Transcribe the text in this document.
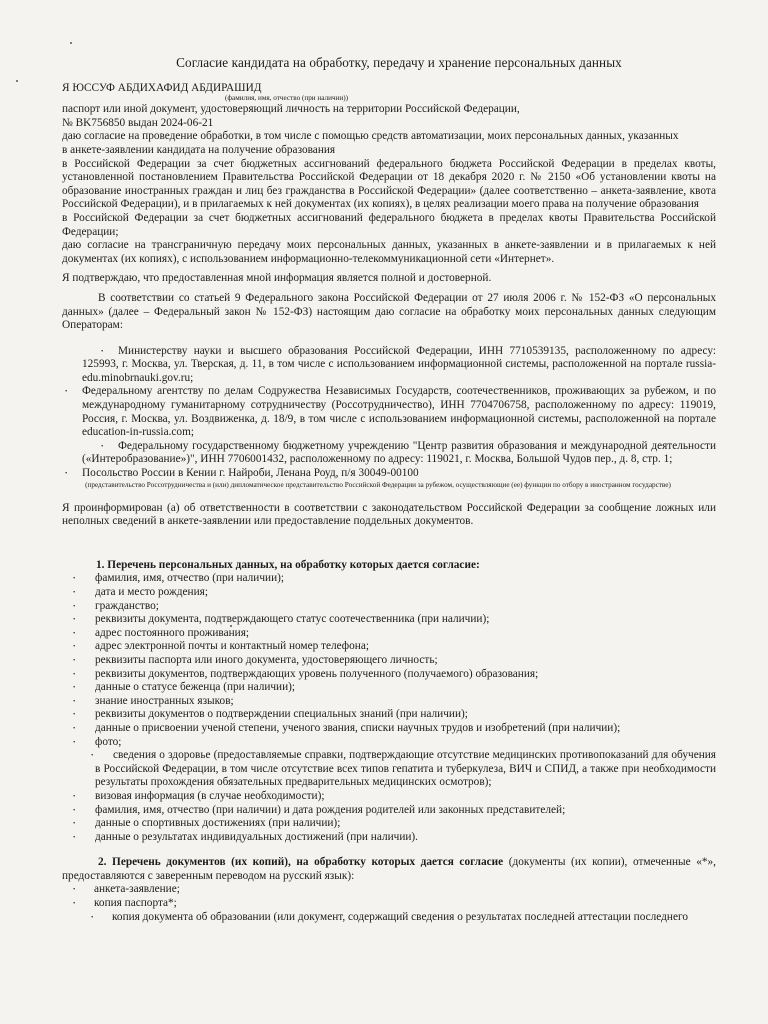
Согласие кандидата на обработку, передачу и хранение персональных данных
Я ЮССУФ АБДИХАФИД АБДИРАШИД
(фамилия, имя, отчество (при наличии))
паспорт или иной документ, удостоверяющий личность на территории Российской Федерации,
№ BK756850 выдан 2024-06-21
даю согласие на проведение обработки, в том числе с помощью средств автоматизации, моих персональных данных, указанных
в анкете-заявлении кандидата на получение образования
в Российской Федерации за счет бюджетных ассигнований федерального бюджета Российской Федерации в пределах квоты, установленной постановлением Правительства Российской Федерации от 18 декабря 2020 г. № 2150 «Об установлении квоты на образование иностранных граждан и лиц без гражданства в Российской Федерации» (далее соответственно – анкета-заявление, квота Российской Федерации), и в прилагаемых к ней документах (их копиях), в целях реализации моего права на получение образования
в Российской Федерации за счет бюджетных ассигнований федерального бюджета в пределах квоты Правительства Российской Федерации;
даю согласие на трансграничную передачу моих персональных данных, указанных в анкете-заявлении и в прилагаемых к ней документах (их копиях), с использованием информационно-телекоммуникационной сети «Интернет».
Я подтверждаю, что предоставленная мной информация является полной и достоверной.
В соответствии со статьей 9 Федерального закона Российской Федерации от 27 июля 2006 г. № 152-ФЗ «О персональных данных» (далее – Федеральный закон № 152-ФЗ) настоящим даю согласие на обработку моих персональных данных следующим Операторам:
· Министерству науки и высшего образования Российской Федерации, ИНН 7710539135, расположенному по адресу: 125993, г. Москва, ул. Тверская, д. 11, в том числе с использованием информационной системы, расположенной на портале russia-edu.minobrnauki.gov.ru;
· Федеральному агентству по делам Содружества Независимых Государств, соотечественников, проживающих за рубежом, и по международному гуманитарному сотрудничеству (Россотрудничество), ИНН 7704706758, расположенному по адресу: 119019, Россия, г. Москва, ул. Воздвиженка, д. 18/9, в том числе с использованием информационной системы, расположенной на портале education-in-russia.com;
· Федеральному государственному бюджетному учреждению "Центр развития образования и международной деятельности («Интеробразование»)", ИНН 7706001432, расположенному по адресу: 119021, г. Москва, Большой Чудов пер., д. 8, стр. 1;
· Посольство России в Кении г. Найроби, Ленана Роуд, п/я 30049-00100
(представительство Россотрудничества и (или) дипломатическое представительство Российской Федерации за рубежом, осуществляющие (ее) функции по отбору в иностранном государстве)
Я проинформирован (а) об ответственности в соответствии с законодательством Российской Федерации за сообщение ложных или неполных сведений в анкете-заявлении или предоставление поддельных документов.
1. Перечень персональных данных, на обработку которых дается согласие:
· фамилия, имя, отчество (при наличии);
· дата и место рождения;
· гражданство;
· реквизиты документа, подтверждающего статус соотечественника (при наличии);
· адрес постоянного проживания;
· адрес электронной почты и контактный номер телефона;
· реквизиты паспорта или иного документа, удостоверяющего личность;
· реквизиты документов, подтверждающих уровень полученного (получаемого) образования;
· данные о статусе беженца (при наличии);
· знание иностранных языков;
· реквизиты документов о подтверждении специальных знаний (при наличии);
· данные о присвоении ученой степени, ученого звания, списки научных трудов и изобретений (при наличии);
· фото;
· сведения о здоровье (предоставляемые справки, подтверждающие отсутствие медицинских противопоказаний для обучения в Российской Федерации, в том числе отсутствие всех типов гепатита и туберкулеза, ВИЧ и СПИД, а также при необходимости результаты прохождения обязательных предварительных медицинских осмотров);
· визовая информация (в случае необходимости);
· фамилия, имя, отчество (при наличии) и дата рождения родителей или законных представителей;
· данные о спортивных достижениях (при наличии);
· данные о результатах индивидуальных достижений (при наличии).
2. Перечень документов (их копий), на обработку которых дается согласие (документы (их копии), отмеченные «*», предоставляются с заверенным переводом на русский язык):
· анкета-заявление;
· копия паспорта*;
· копия документа об образовании (или документ, содержащий сведения о результатах последней аттестации последнего
